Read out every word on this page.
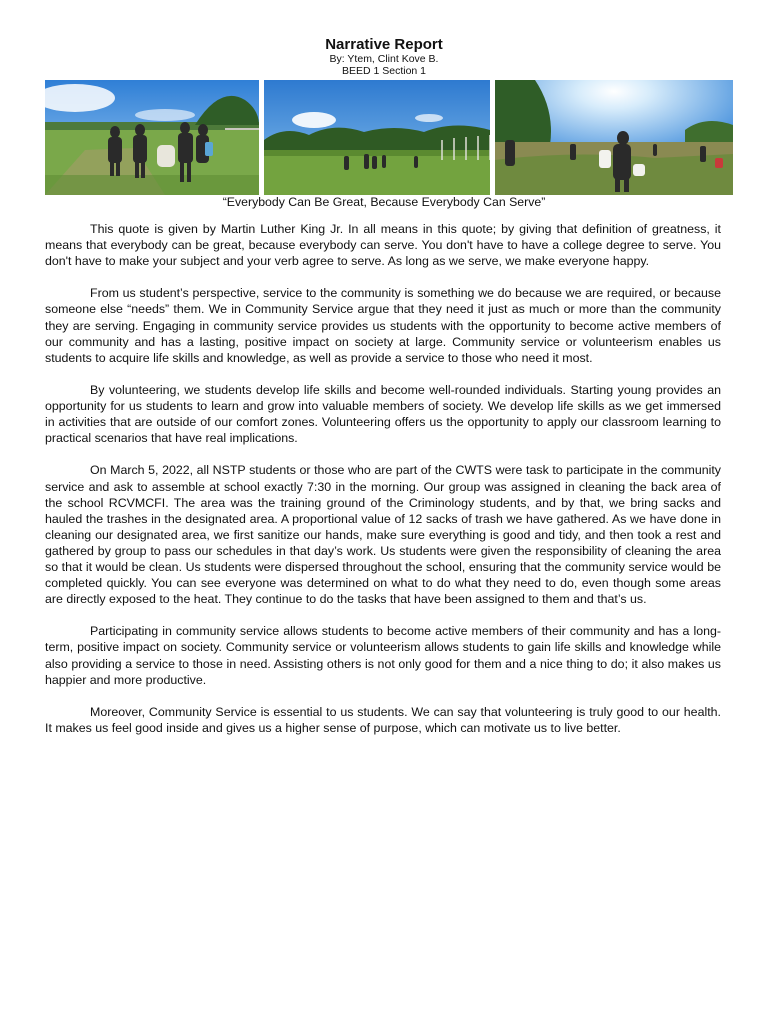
Narrative Report
By: Ytem, Clint Kove B.
BEED 1 Section 1
“Everybody Can Be Great, Because Everybody Can Serve”

This quote is given by Martin Luther King Jr. In all means in this quote; by giving that definition of greatness, it means that everybody can be great, because everybody can serve. You don't have to have a college degree to serve. You don't have to make your subject and your verb agree to serve. As long as we serve, we make everyone happy.

From us student’s perspective, service to the community is something we do because we are required, or because someone else “needs” them. We in Community Service argue that they need it just as much or more than the community they are serving. Engaging in community service provides us students with the opportunity to become active members of our community and has a lasting, positive impact on society at large. Community service or volunteerism enables us students to acquire life skills and knowledge, as well as provide a service to those who need it most.

By volunteering, we students develop life skills and become well-rounded individuals. Starting young provides an opportunity for us students to learn and grow into valuable members of society. We develop life skills as we get immersed in activities that are outside of our comfort zones. Volunteering offers us the opportunity to apply our classroom learning to practical scenarios that have real implications.

On March 5, 2022, all NSTP students or those who are part of the CWTS were task to participate in the community service and ask to assemble at school exactly 7:30 in the morning. Our group was assigned in cleaning the back area of the school RCVMCFI. The area was the training ground of the Criminology students, and by that, we bring sacks and hauled the trashes in the designated area. A proportional value of 12 sacks of trash we have gathered. As we have done in cleaning our designated area, we first sanitize our hands, make sure everything is good and tidy, and then took a rest and gathered by group to pass our schedules in that day’s work. Us students were given the responsibility of cleaning the area so that it would be clean. Us students were dispersed throughout the school, ensuring that the community service would be completed quickly. You can see everyone was determined on what to do what they need to do, even though some areas are directly exposed to the heat. They continue to do the tasks that have been assigned to them and that’s us.

Participating in community service allows students to become active members of their community and has a long-term, positive impact on society. Community service or volunteerism allows students to gain life skills and knowledge while also providing a service to those in need. Assisting others is not only good for them and a nice thing to do; it also makes us happier and more productive.

Moreover, Community Service is essential to us students. We can say that volunteering is truly good to our health. It makes us feel good inside and gives us a higher sense of purpose, which can motivate us to live better.
